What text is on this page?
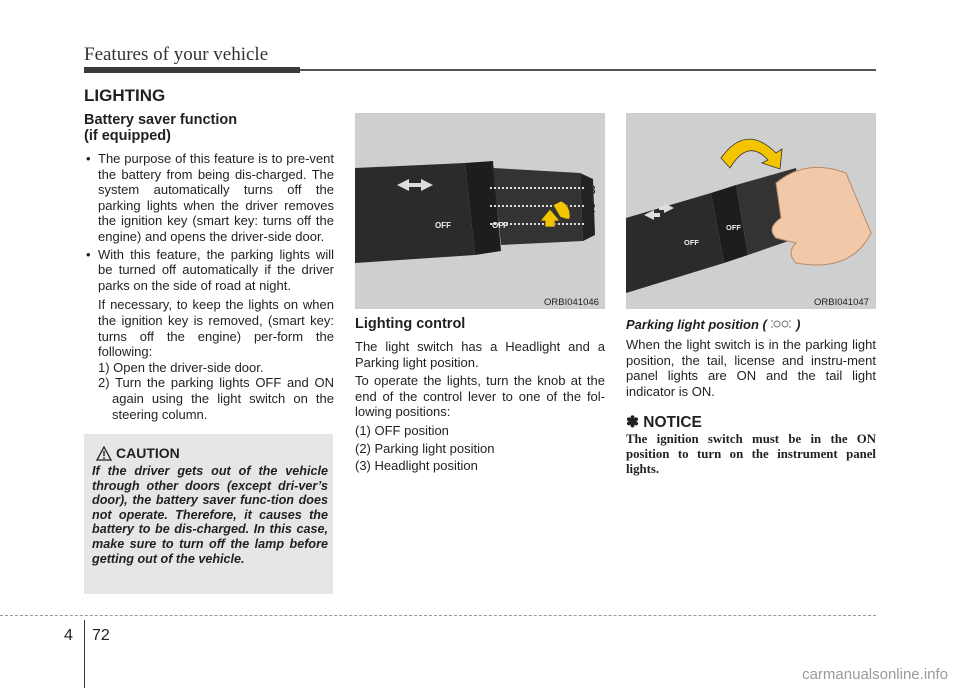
Features of your vehicle
LIGHTING
Battery saver function
(if equipped)
• The purpose of this feature is to pre-vent the battery from being dis-charged. The system automatically turns off the parking lights when the driver removes the ignition key (smart key: turns off the engine) and opens the driver-side door.
• With this feature, the parking lights will be turned off automatically if the driver parks on the side of road at night.
If necessary, to keep the lights on when the ignition key is removed, (smart key: turns off the engine) per-form the following:
1) Open the driver-side door.
2) Turn the parking lights OFF and ON again using the light switch on the steering column.
CAUTION
If the driver gets out of the vehicle through other doors (except dri-ver’s door), the battery saver func-tion does not operate. Therefore, it causes the battery to be dis-charged. In this case, make sure to turn off the lamp before getting out of the vehicle.
OFF	OFF
3
2
1
ORBI041046
OFF
OFF
ORBI041047
Lighting control
The light switch has a Headlight and a Parking light position.
To operate the lights, turn the knob at the end of the control lever to one of the fol-lowing positions:
(1) OFF position
(2) Parking light position
(3) Headlight position
Parking light position ( )
When the light switch is in the parking light position, the tail, license and instru-ment panel lights are ON and the tail light indicator is ON.
✽ NOTICE
The ignition switch must be in the ON position to turn on the instrument panel lights.
4 72
carmanualsonline.info
